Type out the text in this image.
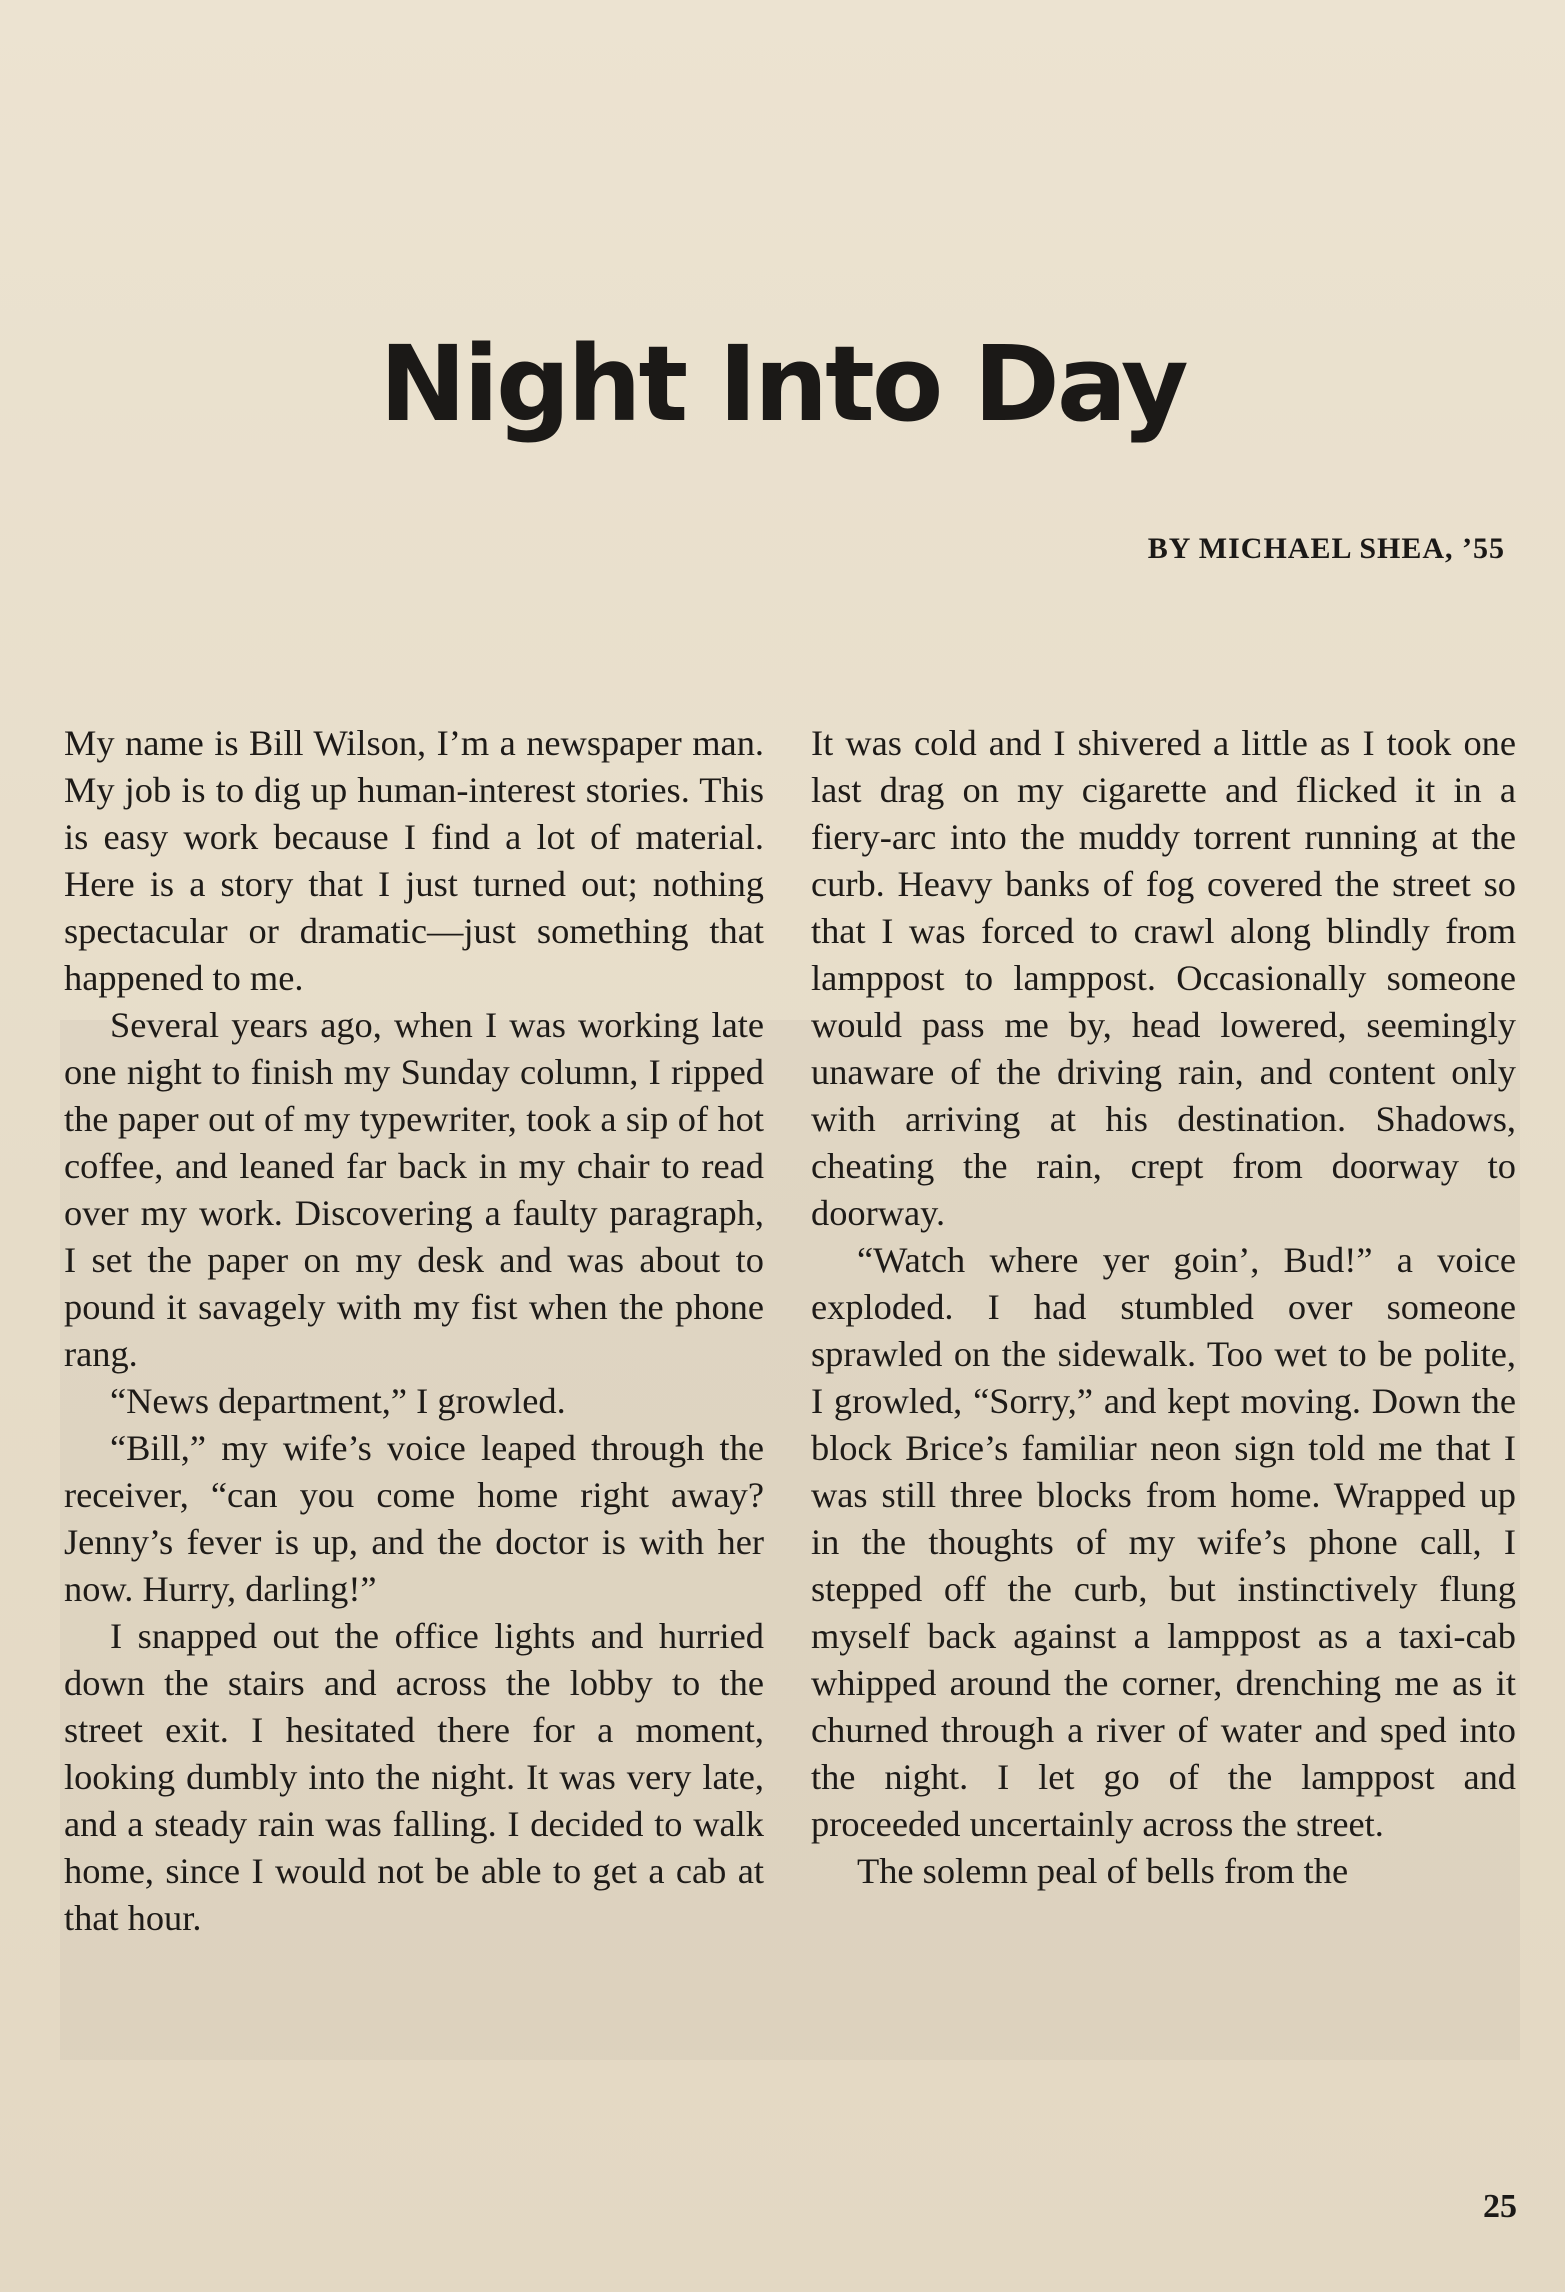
Night Into Day
BY MICHAEL SHEA, ’55

My name is Bill Wilson, I’m a newspaper man. My job is to dig up human-interest stories. This is easy work because I find a lot of material. Here is a story that I just turned out; nothing spectacular or dramatic—just something that happened to me.

Several years ago, when I was working late one night to finish my Sunday column, I ripped the paper out of my typewriter, took a sip of hot coffee, and leaned far back in my chair to read over my work. Discovering a faulty paragraph, I set the paper on my desk and was about to pound it savagely with my fist when the phone rang.

“News department,” I growled.

“Bill,” my wife’s voice leaped through the receiver, “can you come home right away? Jenny’s fever is up, and the doctor is with her now. Hurry, darling!”

I snapped out the office lights and hurried down the stairs and across the lobby to the street exit. I hesitated there for a moment, looking dumbly into the night. It was very late, and a steady rain was falling. I decided to walk home, since I would not be able to get a cab at that hour.

It was cold and I shivered a little as I took one last drag on my cigarette and flicked it in a fiery-arc into the muddy torrent running at the curb. Heavy banks of fog covered the street so that I was forced to crawl along blindly from lamppost to lamppost. Occasionally someone would pass me by, head lowered, seemingly unaware of the driving rain, and content only with arriving at his destination. Shadows, cheating the rain, crept from doorway to doorway.

“Watch where yer goin’, Bud!” a voice exploded. I had stumbled over someone sprawled on the sidewalk. Too wet to be polite, I growled, “Sorry,” and kept moving. Down the block Brice’s familiar neon sign told me that I was still three blocks from home. Wrapped up in the thoughts of my wife’s phone call, I stepped off the curb, but instinctively flung myself back against a lamppost as a taxi-cab whipped around the corner, drenching me as it churned through a river of water and sped into the night. I let go of the lamppost and proceeded uncertainly across the street.

The solemn peal of bells from the

25
